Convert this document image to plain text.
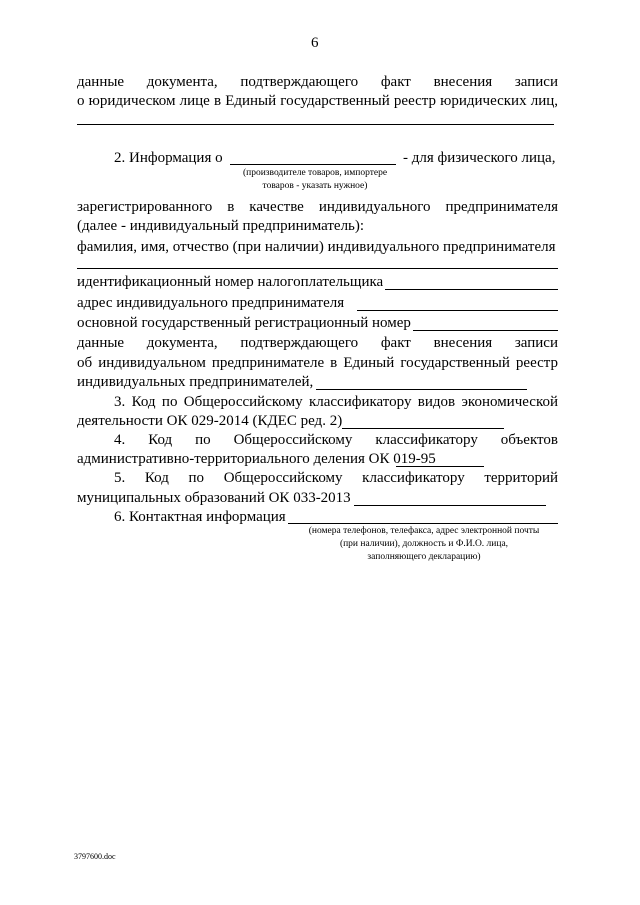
6
данные документа, подтверждающего факт внесения записи
о юридическом лице в Единый государственный реестр юридических лиц,
2. Информация о	- для физического лица,
(производителе товаров, импортере
товаров - указать нужное)
зарегистрированного в качестве индивидуального предпринимателя
(далее - индивидуальный предприниматель):
фамилия, имя, отчество (при наличии) индивидуального предпринимателя
идентификационный номер налогоплательщика
адрес индивидуального предпринимателя
основной государственный регистрационный номер
данные документа, подтверждающего факт внесения записи
об индивидуальном предпринимателе в Единый государственный реестр
индивидуальных предпринимателей,
3. Код по Общероссийскому классификатору видов экономической
деятельности ОК 029-2014 (КДЕС ред. 2)
4. Код по Общероссийскому классификатору объектов
административно-территориального деления ОК 019-95
5. Код по Общероссийскому классификатору территорий
муниципальных образований ОК 033-2013
6. Контактная информация
(номера телефонов, телефакса, адрес электронной почты
(при наличии), должность и Ф.И.О. лица,
заполняющего декларацию)
3797600.doc
